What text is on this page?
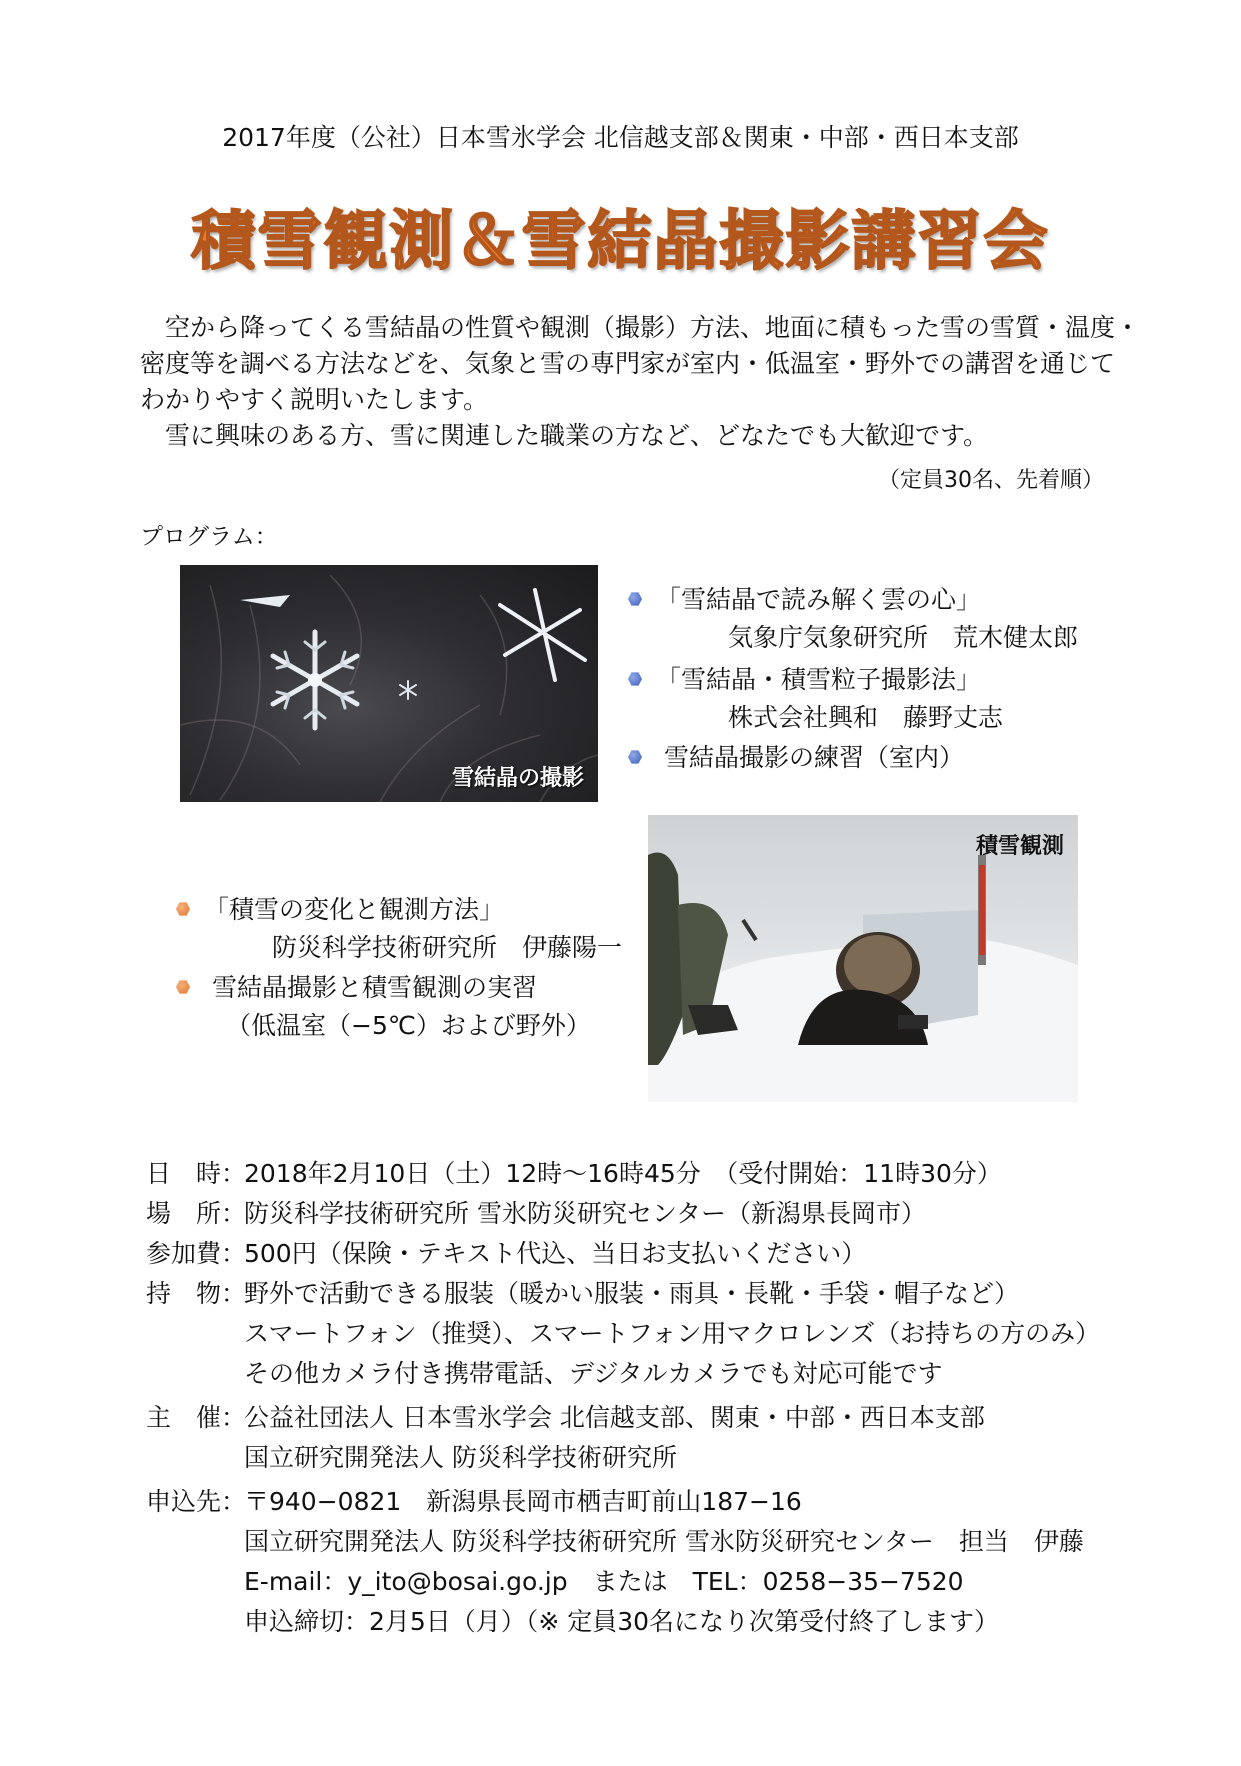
2017年度（公社）日本雪氷学会 北信越支部＆関東・中部・西日本支部
積雪観測＆雪結晶撮影講習会
　空から降ってくる雪結晶の性質や観測（撮影）方法、地面に積もった雪の雪質・温度・
密度等を調べる方法などを、気象と雪の専門家が室内・低温室・野外での講習を通じて
わかりやすく説明いたします。
　雪に興味のある方、雪に関連した職業の方など、どなたでも大歓迎です。
（定員30名、先着順）
プログラム：
雪結晶の撮影
積雪観測
「雪結晶で読み解く雲の心」
気象庁気象研究所　荒木健太郎
「雪結晶・積雪粒子撮影法」
株式会社興和　藤野丈志
雪結晶撮影の練習（室内）
「積雪の変化と観測方法」
防災科学技術研究所　伊藤陽一
雪結晶撮影と積雪観測の実習
（低温室（−5℃）および野外）
日　時：
2018年2月10日（土）12時～16時45分　（受付開始：11時30分）
場　所：
防災科学技術研究所 雪氷防災研究センター（新潟県長岡市）
参加費：
500円（保険・テキスト代込、当日お支払いください）
持　物：
野外で活動できる服装（暖かい服装・雨具・長靴・手袋・帽子など）
スマートフォン（推奨）、スマートフォン用マクロレンズ（お持ちの方のみ）
その他カメラ付き携帯電話、デジタルカメラでも対応可能です
主　催：
公益社団法人 日本雪氷学会 北信越支部、関東・中部・西日本支部
国立研究開発法人 防災科学技術研究所
申込先：
〒940−0821　新潟県長岡市栖吉町前山187−16
国立研究開発法人 防災科学技術研究所 雪氷防災研究センター　担当　伊藤
E-mail：y_ito@bosai.go.jp　または　TEL：0258−35−7520
申込締切：2月5日（月）（※ 定員30名になり次第受付終了します）
